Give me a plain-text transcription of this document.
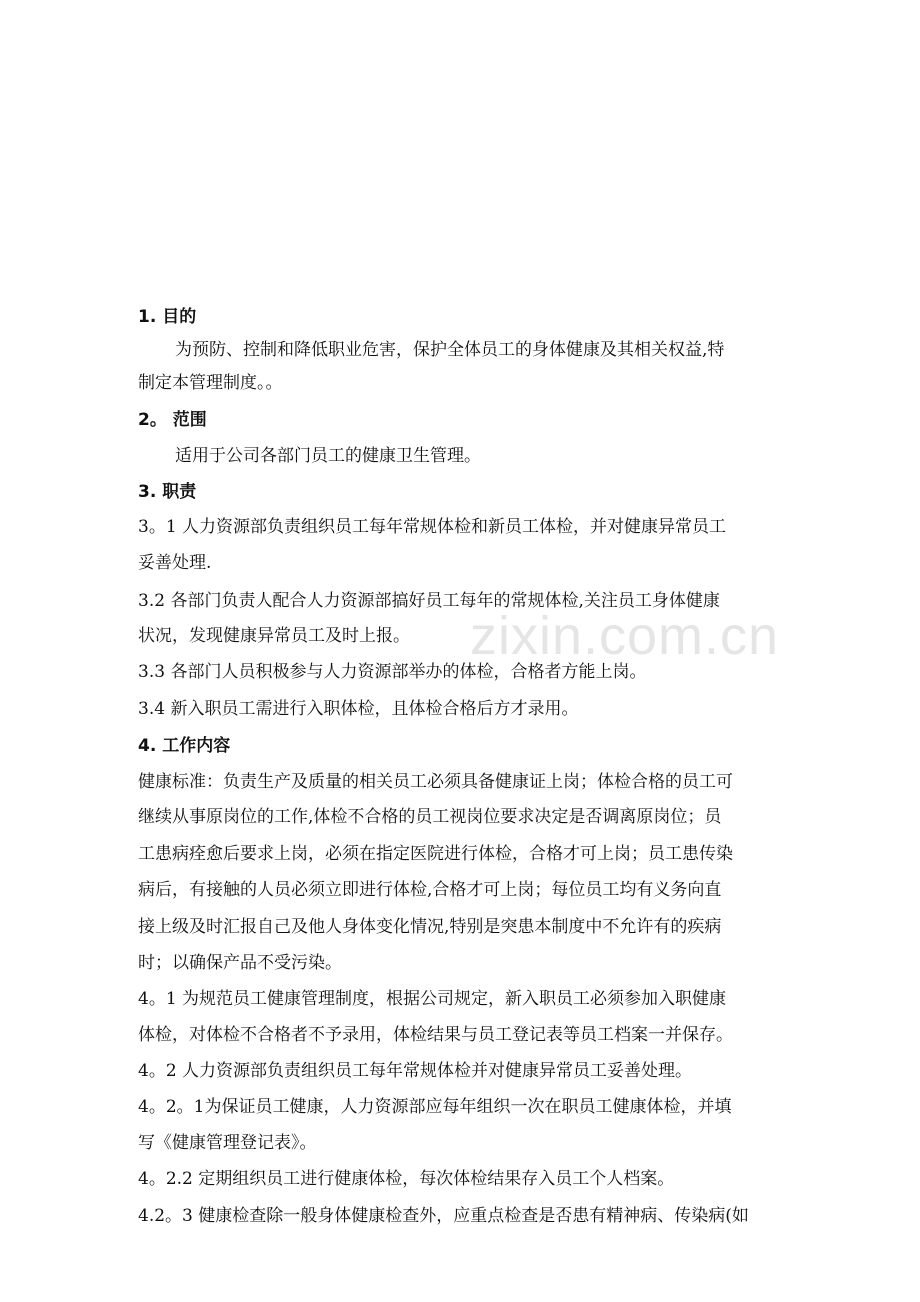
1. 目的
为预防、控制和降低职业危害，保护全体员工的身体健康及其相关权益,特
制定本管理制度。。
2。 范围
适用于公司各部门员工的健康卫生管理。
3. 职责
3。1 人力资源部负责组织员工每年常规体检和新员工体检，并对健康异常员工
妥善处理.
3.2 各部门负责人配合人力资源部搞好员工每年的常规体检,关注员工身体健康
状况，发现健康异常员工及时上报。
3.3 各部门人员积极参与人力资源部举办的体检，合格者方能上岗。
3.4 新入职员工需进行入职体检，且体检合格后方才录用。
4. 工作内容
健康标准：负责生产及质量的相关员工必须具备健康证上岗；体检合格的员工可
继续从事原岗位的工作,体检不合格的员工视岗位要求决定是否调离原岗位；员
工患病痊愈后要求上岗，必须在指定医院进行体检，合格才可上岗；员工患传染
病后，有接触的人员必须立即进行体检,合格才可上岗；每位员工均有义务向直
接上级及时汇报自己及他人身体变化情况,特别是突患本制度中不允许有的疾病
时；以确保产品不受污染。
4。1 为规范员工健康管理制度，根据公司规定，新入职员工必须参加入职健康
体检，对体检不合格者不予录用，体检结果与员工登记表等员工档案一并保存。
4。2 人力资源部负责组织员工每年常规体检并对健康异常员工妥善处理。
4。2。1为保证员工健康，人力资源部应每年组织一次在职员工健康体检，并填
写《健康管理登记表》。
4。2.2 定期组织员工进行健康体检，每次体检结果存入员工个人档案。
4.2。3 健康检查除一般身体健康检查外，应重点检查是否患有精神病、传染病(如
zixin.com.cn
